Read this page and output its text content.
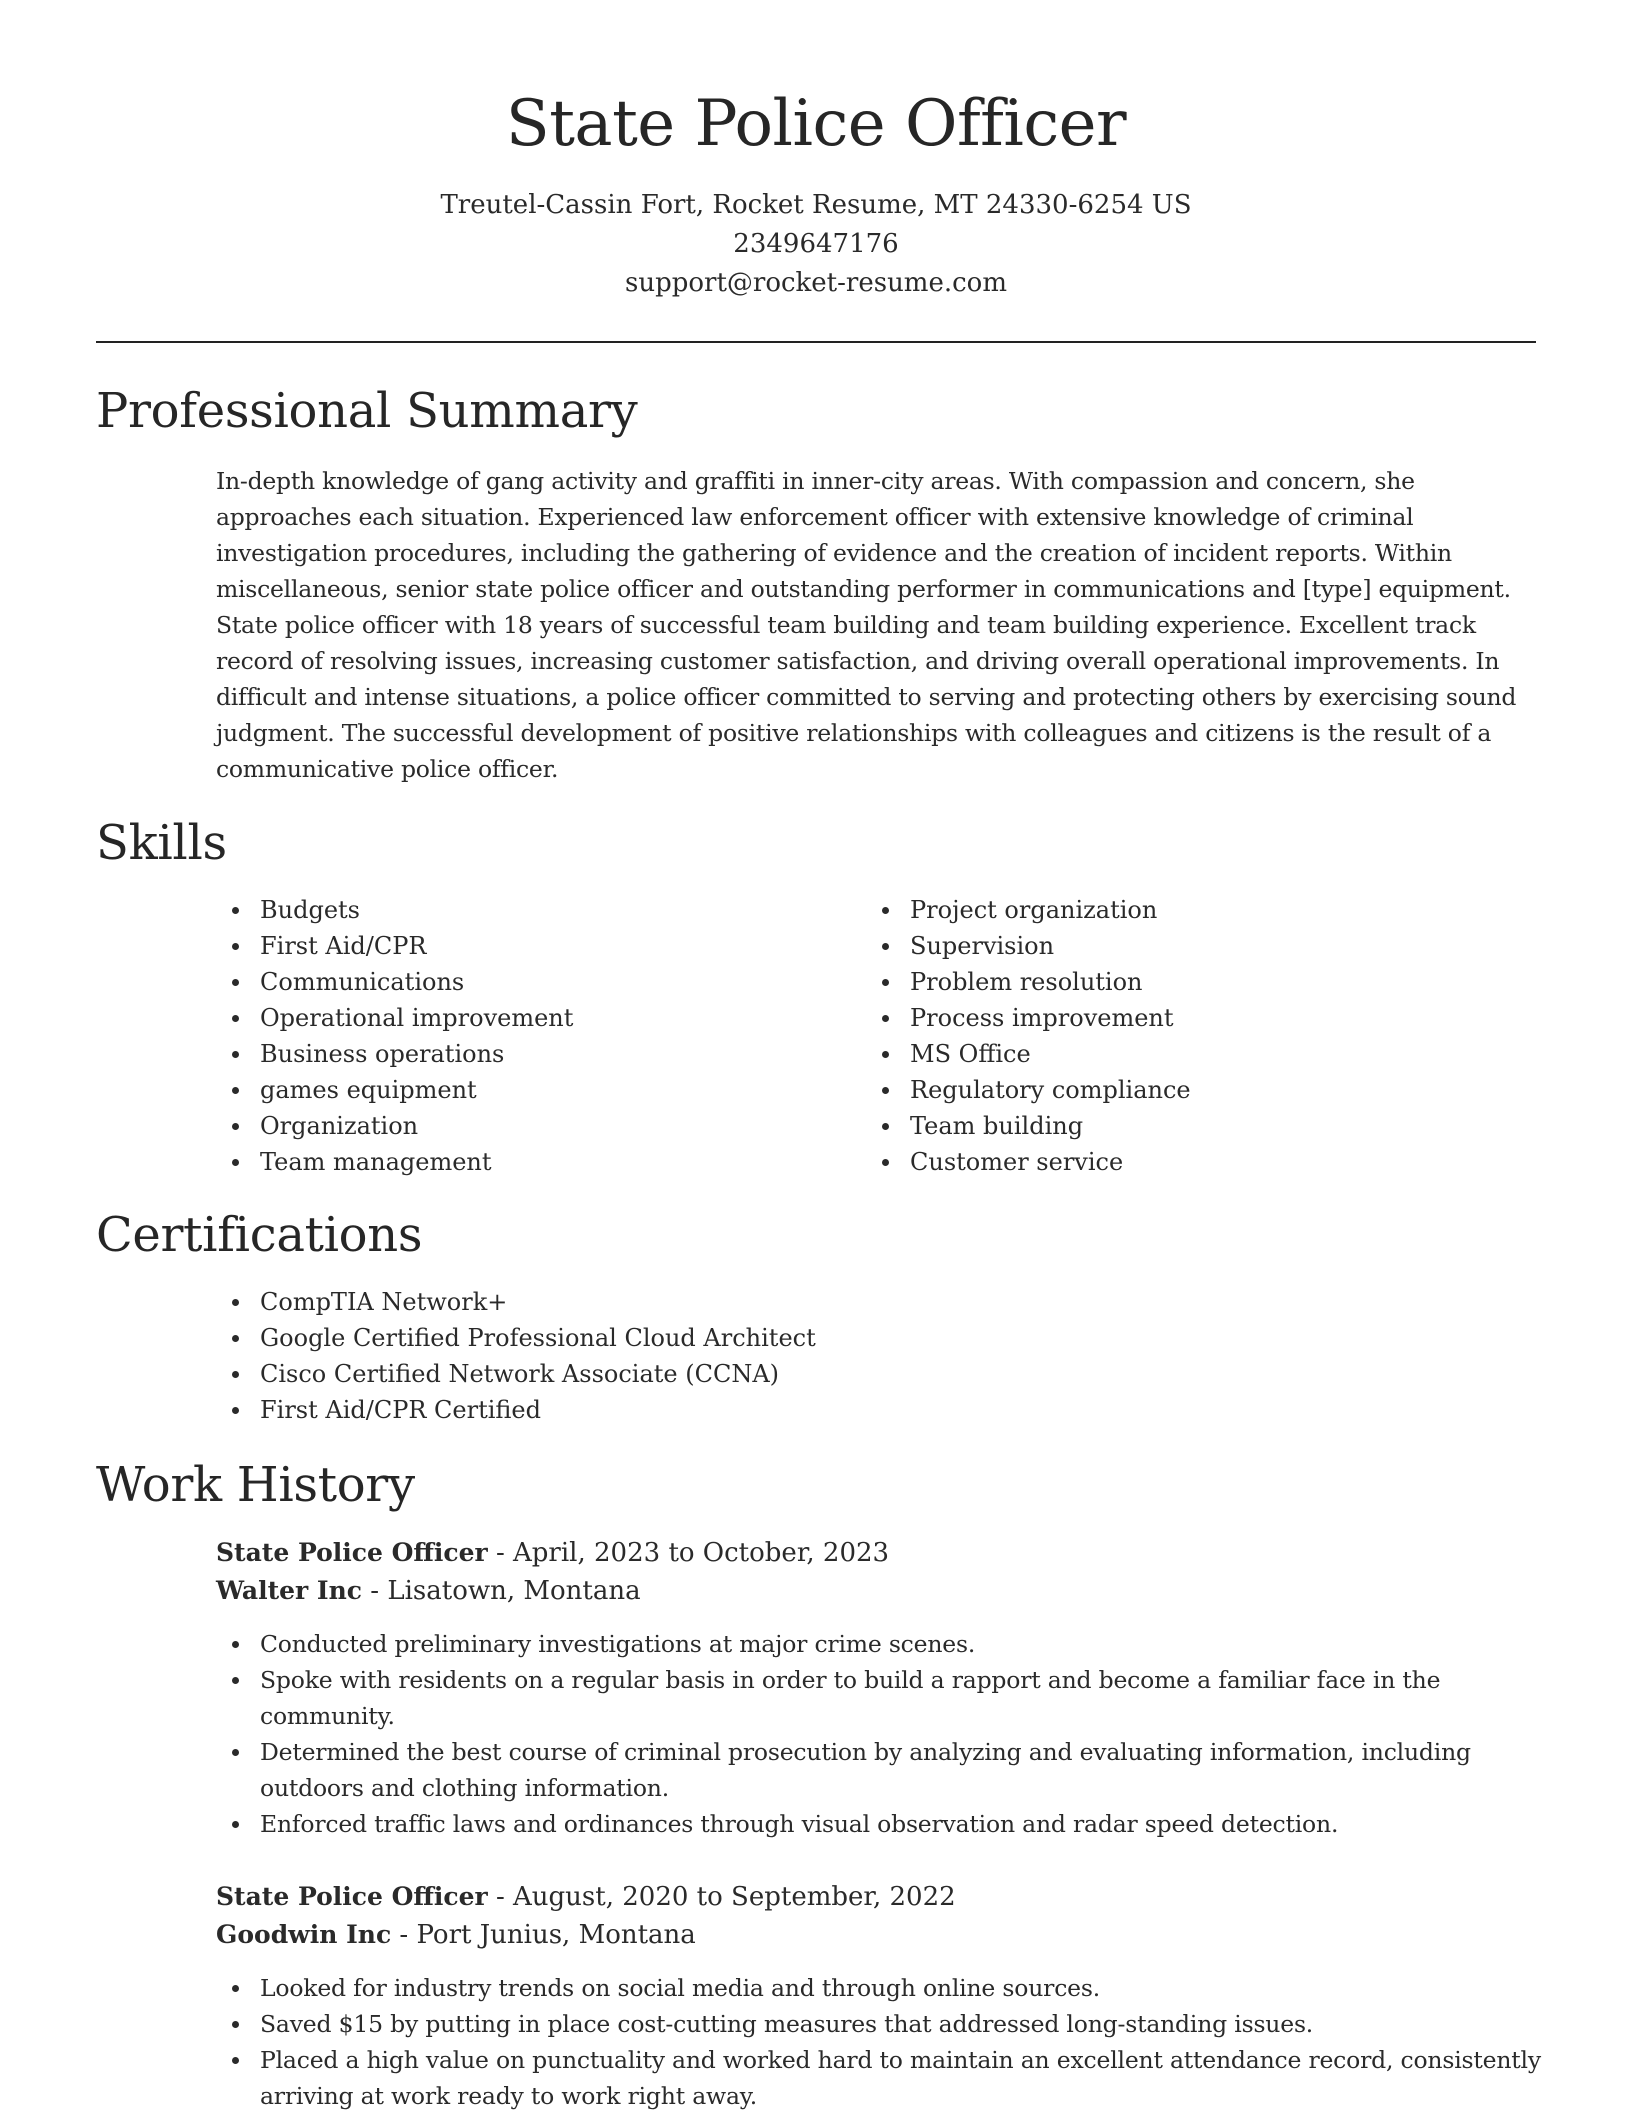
State Police Officer
Treutel-Cassin Fort, Rocket Resume, MT 24330-6254 US
2349647176
support@rocket-resume.com
Professional Summary

In-depth knowledge of gang activity and graffiti in inner-city areas. With compassion and concern, she approaches each situation. Experienced law enforcement officer with extensive knowledge of criminal investigation procedures, including the gathering of evidence and the creation of incident reports. Within miscellaneous, senior state police officer and outstanding performer in communications and [type] equipment. State police officer with 18 years of successful team building and team building experience. Excellent track record of resolving issues, increasing customer satisfaction, and driving overall operational improvements. In difficult and intense situations, a police officer committed to serving and protecting others by exercising sound judgment. The successful development of positive relationships with colleagues and citizens is the result of a communicative police officer.

Skills
Budgets
First Aid/CPR
Communications
Operational improvement
Business operations
games equipment
Organization
Team management
Project organization
Supervision
Problem resolution
Process improvement
MS Office
Regulatory compliance
Team building
Customer service
Certifications
CompTIA Network+
Google Certified Professional Cloud Architect
Cisco Certified Network Associate (CCNA)
First Aid/CPR Certified
Work History

State Police Officer - April, 2023 to October, 2023

Walter Inc - Lisatown, Montana

Conducted preliminary investigations at major crime scenes.
Spoke with residents on a regular basis in order to build a rapport and become a familiar face in the community.
Determined the best course of criminal prosecution by analyzing and evaluating information, including outdoors and clothing information.
Enforced traffic laws and ordinances through visual observation and radar speed detection.

State Police Officer - August, 2020 to September, 2022

Goodwin Inc - Port Junius, Montana

Looked for industry trends on social media and through online sources.
Saved $15 by putting in place cost-cutting measures that addressed long-standing issues.
Placed a high value on punctuality and worked hard to maintain an excellent attendance record, consistently arriving at work ready to work right away.
